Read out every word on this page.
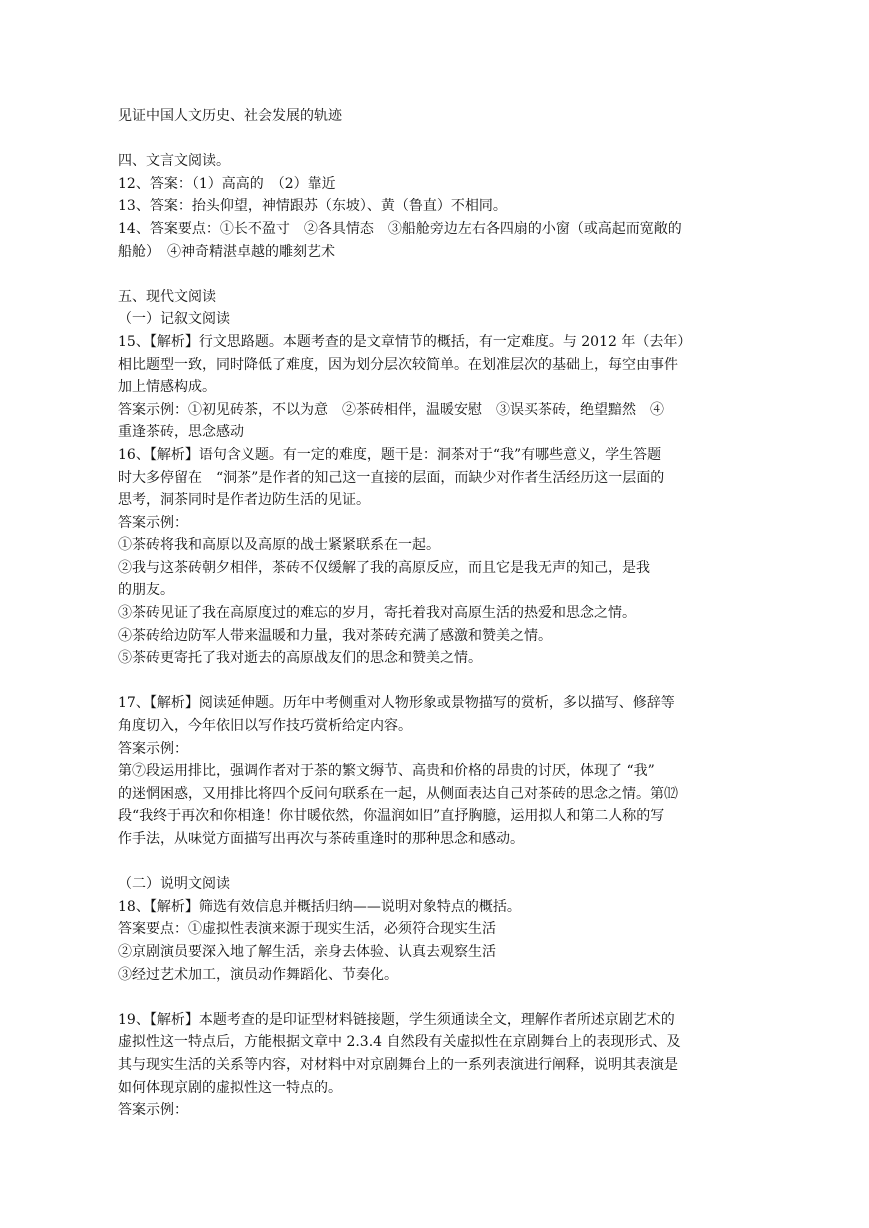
见证中国人文历史、社会发展的轨迹
四、文言文阅读。
12、答案：（1）高高的　（2）靠近
13、答案：抬头仰望，神情跟苏（东坡）、黄（鲁直）不相同。
14、答案要点：①长不盈寸　②各具情态　③船舱旁边左右各四扇的小窗（或高起而宽敞的
船舱）　④神奇精湛卓越的雕刻艺术
五、现代文阅读
（一）记叙文阅读
15、【解析】行文思路题。本题考查的是文章情节的概括，有一定难度。与 2012 年（去年）
相比题型一致，同时降低了难度，因为划分层次较简单。在划准层次的基础上，每空由事件
加上情感构成。
答案示例：①初见砖茶，不以为意　②茶砖相伴，温暖安慰　③误买茶砖，绝望黯然　④
重逢茶砖，思念感动
16、【解析】语句含义题。有一定的难度，题干是：洞茶对于“我”有哪些意义，学生答题
时大多停留在　“洞茶”是作者的知己这一直接的层面，而缺少对作者生活经历这一层面的
思考，洞茶同时是作者边防生活的见证。
答案示例：
①茶砖将我和高原以及高原的战士紧紧联系在一起。
②我与这茶砖朝夕相伴，茶砖不仅缓解了我的高原反应，而且它是我无声的知己，是我
的朋友。
③茶砖见证了我在高原度过的难忘的岁月，寄托着我对高原生活的热爱和思念之情。
④茶砖给边防军人带来温暖和力量，我对茶砖充满了感激和赞美之情。
⑤茶砖更寄托了我对逝去的高原战友们的思念和赞美之情。
17、【解析】阅读延伸题。历年中考侧重对人物形象或景物描写的赏析，多以描写、修辞等
角度切入，今年依旧以写作技巧赏析给定内容。
答案示例：
第⑦段运用排比，强调作者对于茶的繁文缛节、高贵和价格的昂贵的讨厌，体现了 “我”
的迷惘困惑，又用排比将四个反问句联系在一起，从侧面表达自己对茶砖的思念之情。第⑿
段“我终于再次和你相逢！你甘暖依然，你温润如旧”直抒胸臆，运用拟人和第二人称的写
作手法，从味觉方面描写出再次与茶砖重逢时的那种思念和感动。
（二）说明文阅读
18、【解析】筛选有效信息并概括归纳——说明对象特点的概括。
答案要点：①虚拟性表演来源于现实生活，必须符合现实生活
②京剧演员要深入地了解生活，亲身去体验、认真去观察生活
③经过艺术加工，演员动作舞蹈化、节奏化。
19、【解析】本题考查的是印证型材料链接题，学生须通读全文，理解作者所述京剧艺术的
虚拟性这一特点后，方能根据文章中 2.3.4 自然段有关虚拟性在京剧舞台上的表现形式、及
其与现实生活的关系等内容，对材料中对京剧舞台上的一系列表演进行阐释，说明其表演是
如何体现京剧的虚拟性这一特点的。
答案示例：
